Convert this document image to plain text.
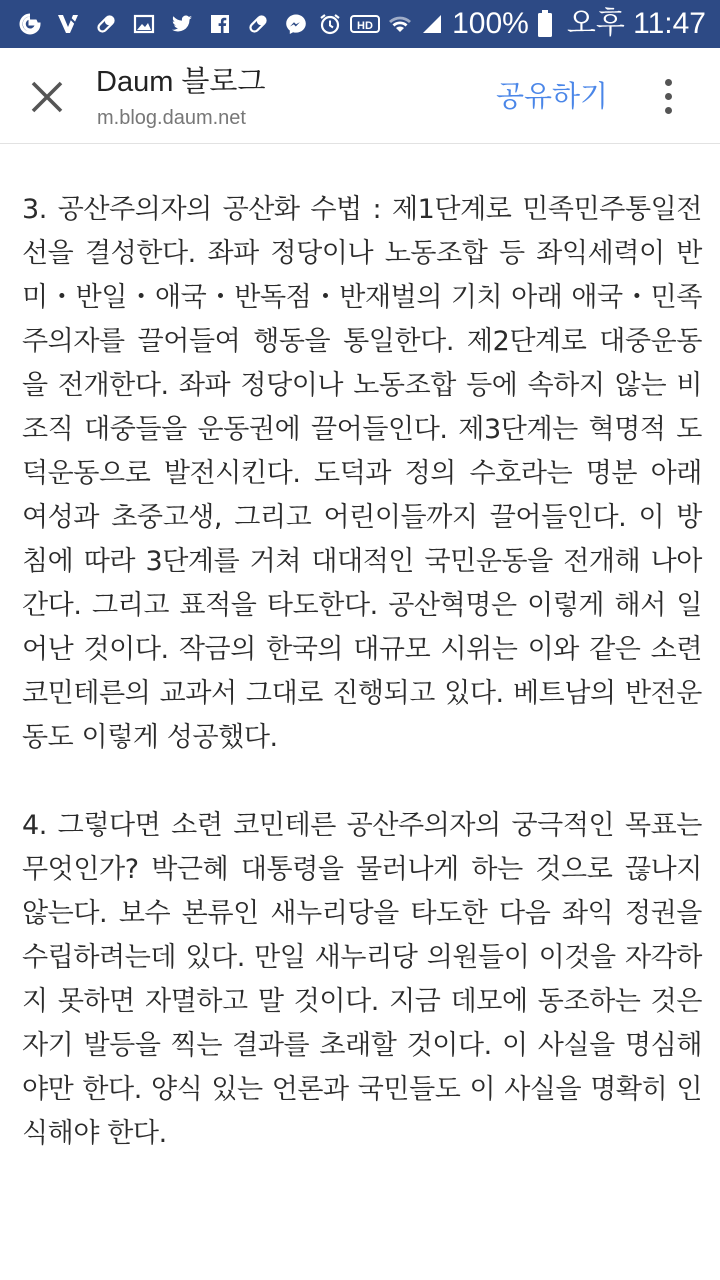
HD	100% 오후 11:47
Daum 블로그
m.blog.daum.net
공유하기

3. 공산주의자의 공산화 수법 : 제1단계로 민족민주통일전선을 결성한다. 좌파 정당이나 노동조합 등 좌익세력이 반미・반일・애국・반독점・반재벌의 기치 아래 애국・민족주의자를 끌어들여 행동을 통일한다. 제2단계로 대중운동을 전개한다. 좌파 정당이나 노동조합 등에 속하지 않는 비조직 대중들을 운동권에 끌어들인다. 제3단계는 혁명적 도덕운동으로 발전시킨다. 도덕과 정의 수호라는 명분 아래 여성과 초중고생, 그리고 어린이들까지 끌어들인다. 이 방침에 따라 3단계를 거쳐 대대적인 국민운동을 전개해 나아간다. 그리고 표적을 타도한다. 공산혁명은 이렇게 해서 일어난 것이다. 작금의 한국의 대규모 시위는 이와 같은 소련 코민테른의 교과서 그대로 진행되고 있다. 베트남의 반전운동도 이렇게 성공했다.

4. 그렇다면 소련 코민테른 공산주의자의 궁극적인 목표는 무엇인가? 박근혜 대통령을 물러나게 하는 것으로 끊나지 않는다. 보수 본류인 새누리당을 타도한 다음 좌익 정권을 수립하려는데 있다. 만일 새누리당 의원들이 이것을 자각하지 못하면 자멸하고 말 것이다. 지금 데모에 동조하는 것은 자기 발등을 찍는 결과를 초래할 것이다. 이 사실을 명심해야만 한다. 양식 있는 언론과 국민들도 이 사실을 명확히 인식해야 한다.
